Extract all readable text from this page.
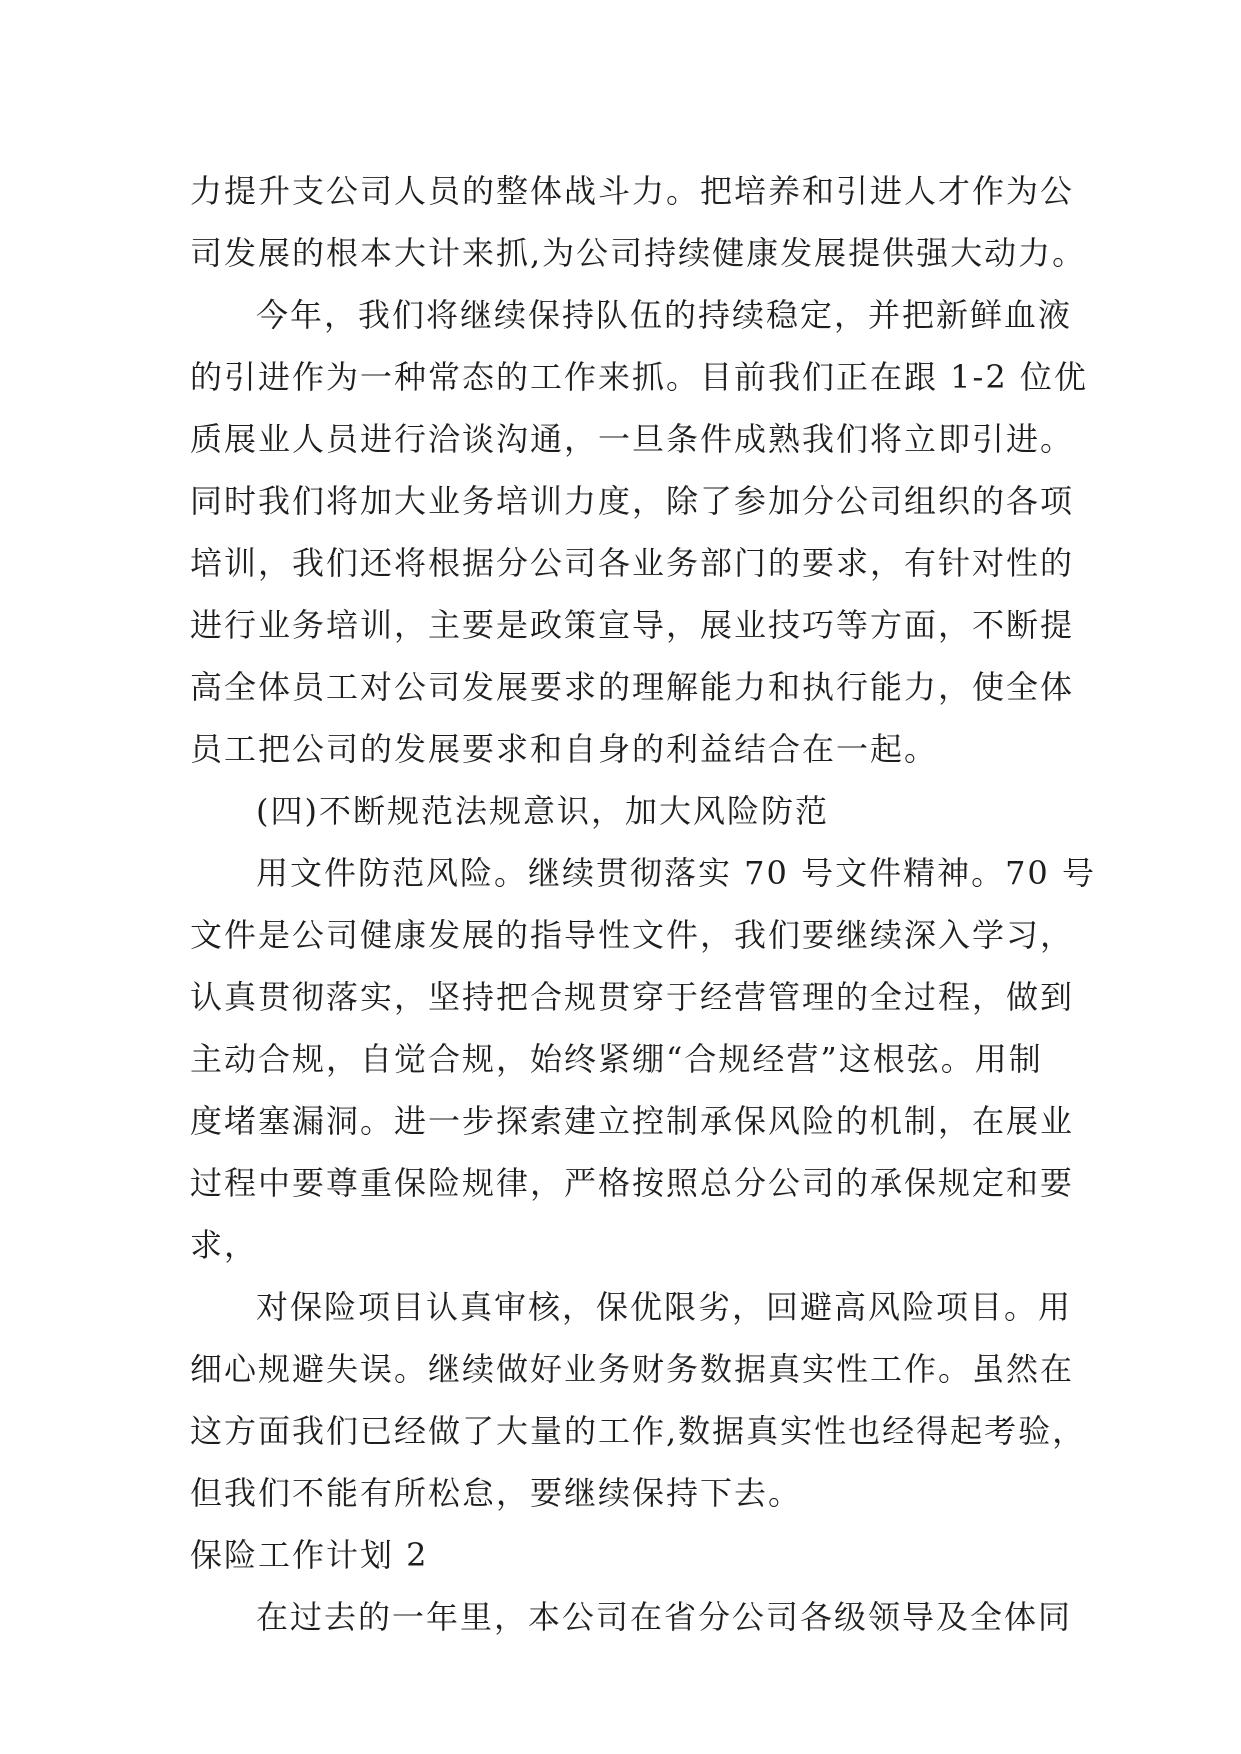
力提升支公司人员的整体战斗力。把培养和引进人才作为公
司发展的根本大计来抓,为公司持续健康发展提供强大动力。
今年，我们将继续保持队伍的持续稳定，并把新鲜血液
的引进作为一种常态的工作来抓。目前我们正在跟 1-2 位优
质展业人员进行洽谈沟通，一旦条件成熟我们将立即引进。
同时我们将加大业务培训力度，除了参加分公司组织的各项
培训，我们还将根据分公司各业务部门的要求，有针对性的
进行业务培训，主要是政策宣导，展业技巧等方面，不断提
高全体员工对公司发展要求的理解能力和执行能力，使全体
员工把公司的发展要求和自身的利益结合在一起。
(四)不断规范法规意识，加大风险防范
用文件防范风险。继续贯彻落实 70 号文件精神。70 号
文件是公司健康发展的指导性文件，我们要继续深入学习，
认真贯彻落实，坚持把合规贯穿于经营管理的全过程，做到
主动合规，自觉合规，始终紧绷“合规经营”这根弦。用制
度堵塞漏洞。进一步探索建立控制承保风险的机制，在展业
过程中要尊重保险规律，严格按照总分公司的承保规定和要
求，
对保险项目认真审核，保优限劣，回避高风险项目。用
细心规避失误。继续做好业务财务数据真实性工作。虽然在
这方面我们已经做了大量的工作,数据真实性也经得起考验，
但我们不能有所松怠，要继续保持下去。
保险工作计划 2
在过去的一年里，本公司在省分公司各级领导及全体同
